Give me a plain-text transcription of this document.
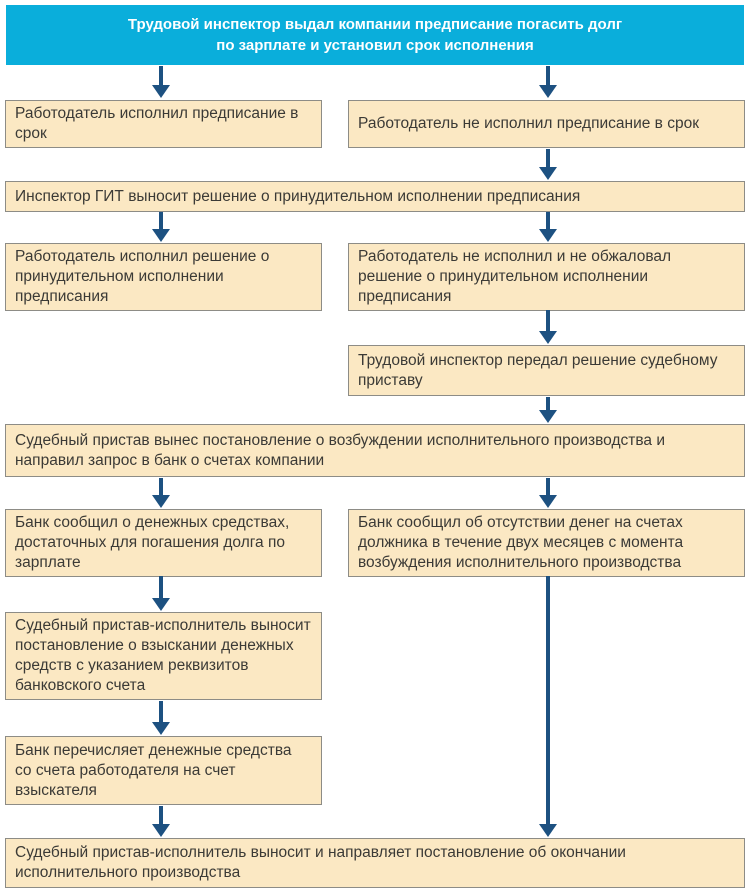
Трудовой инспектор выдал компании предписание погасить долг
по зарплате и установил срок исполнения
Работодатель исполнил предписание в срок
Работодатель не исполнил предписание в срок
Инспектор ГИТ выносит решение о принудительном исполнении предписания
Работодатель исполнил решение о принудительном исполнении предписания
Работодатель не исполнил и не обжаловал решение о принудительном исполнении предписания
Трудовой инспектор передал решение судебному приставу
Судебный пристав вынес постановление о возбуждении исполнительного производства и направил запрос в банк о счетах компании
Банк сообщил о денежных средствах, достаточных для погашения долга по зарплате
Банк сообщил об отсутствии денег на счетах должника в течение двух месяцев с момента возбуждения исполнительного производства
Судебный пристав-исполнитель выносит постановление о взыскании денежных средств с указанием реквизитов банковского счета
Банк перечисляет денежные средства со счета работодателя на счет взыскателя
Судебный пристав-исполнитель выносит и направляет постановление об окончании исполнительного производства
